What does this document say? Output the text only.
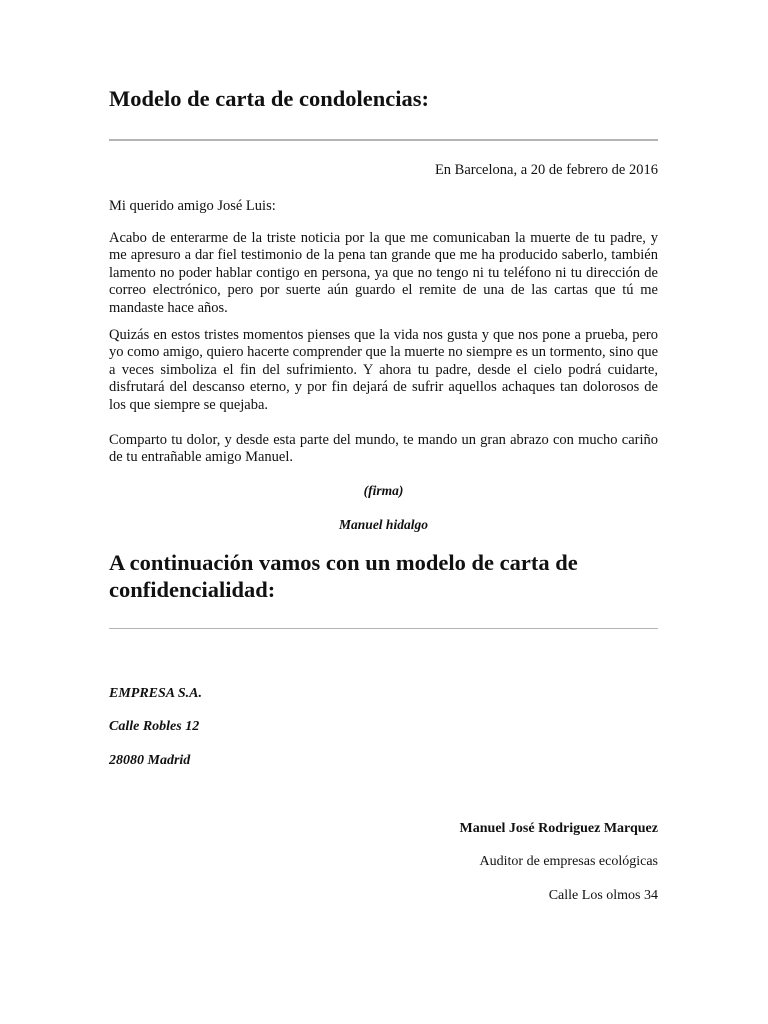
Modelo de carta de condolencias:
En Barcelona, a 20 de febrero de 2016
Mi querido amigo José Luis:

Acabo de enterarme de la triste noticia por la que me comunicaban la muerte de tu padre, y me apresuro a dar fiel testimonio de la pena tan grande que me ha producido saberlo, también lamento no poder hablar contigo en persona, ya que no tengo ni tu teléfono ni tu dirección de correo electrónico, pero por suerte aún guardo el remite de una de las cartas que tú me mandaste hace años.

Quizás en estos tristes momentos pienses que la vida nos gusta y que nos pone a prueba, pero yo como amigo, quiero hacerte comprender que la muerte no siempre es un tormento, sino que a veces simboliza el fin del sufrimiento. Y ahora tu padre, desde el cielo podrá cuidarte, disfrutará del descanso eterno, y por fin dejará de sufrir aquellos achaques tan dolorosos de los que siempre se quejaba.

Comparto tu dolor, y desde esta parte del mundo, te mando un gran abrazo con mucho cariño de tu entrañable amigo Manuel.

(firma)
Manuel hidalgo
A continuación vamos con un modelo de carta de confidencialidad:
EMPRESA S.A.
Calle Robles 12
28080 Madrid
Manuel José Rodriguez Marquez
Auditor de empresas ecológicas
Calle Los olmos 34
